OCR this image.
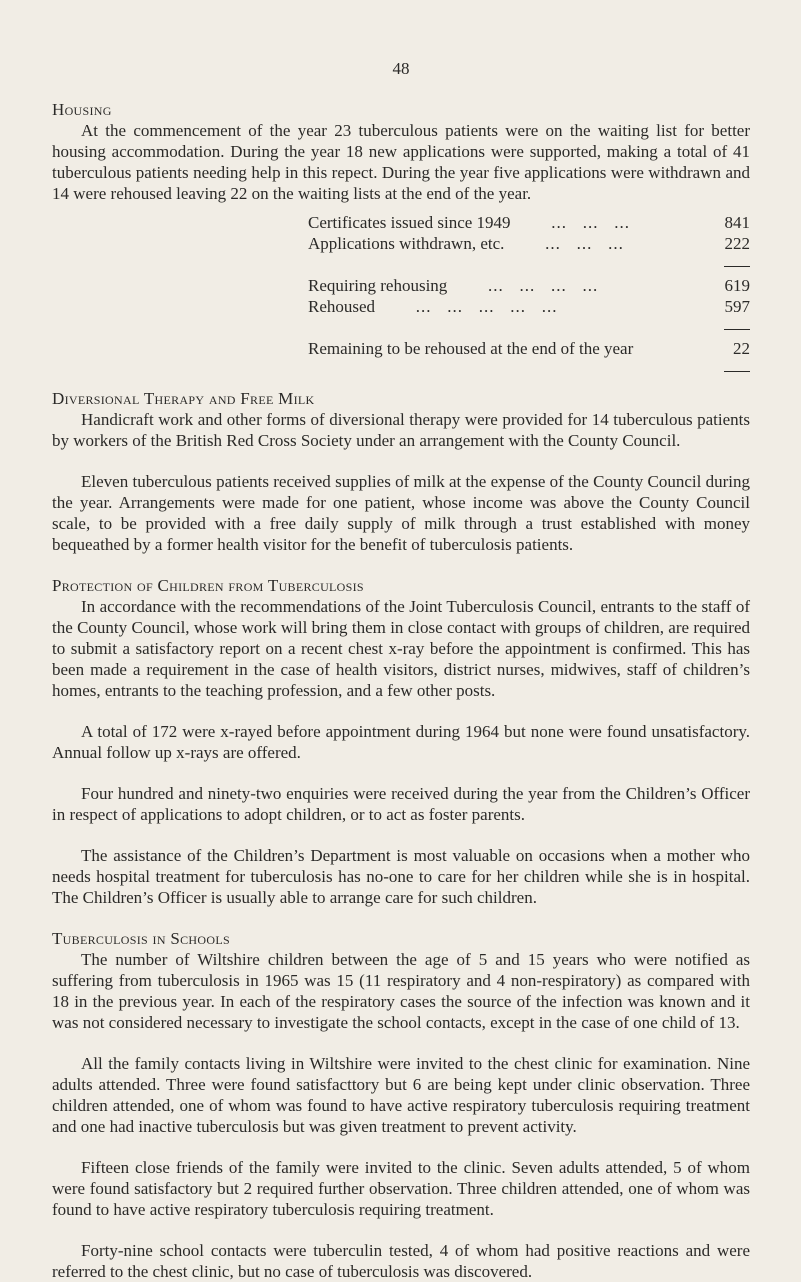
48
Housing

At the commencement of the year 23 tuberculous patients were on the waiting list for better housing accommodation. During the year 18 new applications were supported, making a total of 41 tuberculous patients needing help in this repect. During the year five applications were withdrawn and 14 were rehoused leaving 22 on the waiting lists at the end of the year.

Certificates issued since 1949 ...   ...   ...	841
Applications withdrawn, etc. ...   ...   ...	222

Requiring rehousing ...   ...   ...   ...	619
Rehoused ...   ...   ...   ...   ...	597

Remaining to be rehoused at the end of the year	22

Diversional Therapy and Free Milk

Handicraft work and other forms of diversional therapy were provided for 14 tuberculous patients by workers of the British Red Cross Society under an arrangement with the County Council.

Eleven tuberculous patients received supplies of milk at the expense of the County Council during the year. Arrangements were made for one patient, whose income was above the County Council scale, to be provided with a free daily supply of milk through a trust established with money bequeathed by a former health visitor for the benefit of tuberculosis patients.

Protection of Children from Tuberculosis

In accordance with the recommendations of the Joint Tuberculosis Council, entrants to the staff of the County Council, whose work will bring them in close contact with groups of children, are required to submit a satisfactory report on a recent chest x-ray before the appointment is confirmed. This has been made a requirement in the case of health visitors, district nurses, midwives, staff of children’s homes, entrants to the teaching profession, and a few other posts.

A total of 172 were x-rayed before appointment during 1964 but none were found unsatisfactory. Annual follow up x-rays are offered.

Four hundred and ninety-two enquiries were received during the year from the Children’s Officer in respect of applications to adopt children, or to act as foster parents.

The assistance of the Children’s Department is most valuable on occasions when a mother who needs hospital treatment for tuberculosis has no-one to care for her children while she is in hospital. The Children’s Officer is usually able to arrange care for such children.

Tuberculosis in Schools

The number of Wiltshire children between the age of 5 and 15 years who were notified as suffering from tuberculosis in 1965 was 15 (11 respiratory and 4 non-respiratory) as compared with 18 in the previous year. In each of the respiratory cases the source of the infection was known and it was not considered necessary to investigate the school contacts, except in the case of one child of 13.

All the family contacts living in Wiltshire were invited to the chest clinic for examination. Nine adults attended. Three were found satisfacttory but 6 are being kept under clinic observation. Three children attended, one of whom was found to have active respiratory tuberculosis requiring treatment and one had inactive tuberculosis but was given treatment to prevent activity.

Fifteen close friends of the family were invited to the clinic. Seven adults attended, 5 of whom were found satisfactory but 2 required further observation. Three children attended, one of whom was found to have active respiratory tuberculosis requiring treatment.

Forty-nine school contacts were tuberculin tested, 4 of whom had positive reactions and were referred to the chest clinic, but no case of tuberculosis was discovered.
